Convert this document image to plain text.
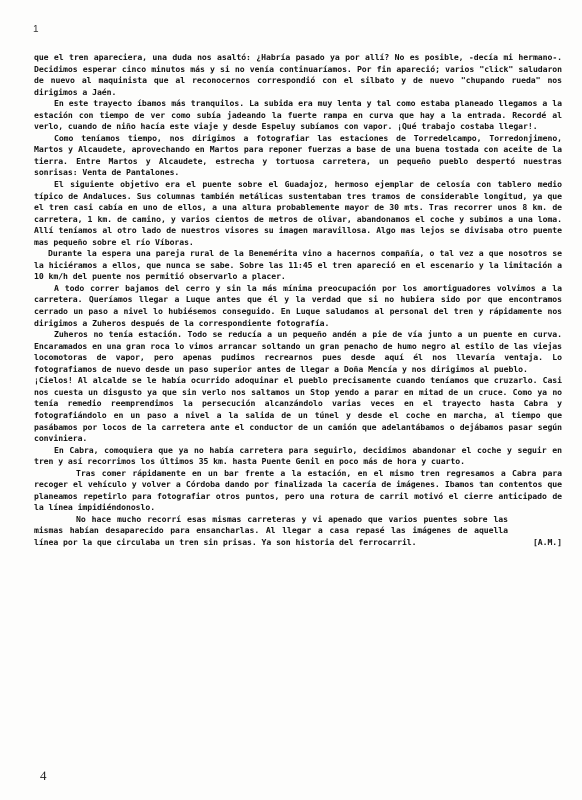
1

que el tren apareciera, una duda nos asaltó: ¿Habría pasado ya por allí? No es posible, -decía mi hermano-. Decidimos esperar cinco minutos más y si no venía continuaríamos. Por fin apareció; varios "click" saludaron de nuevo al maquinista que al reconocernos correspondió con el silbato y de nuevo "chupando rueda" nos dirigimos a Jaén.

En este trayecto íbamos más tranquilos. La subida era muy lenta y tal como estaba planeado llegamos a la estación con tiempo de ver como subía jadeando la fuerte rampa en curva que hay a la entrada. Recordé al verlo, cuando de niño hacía este viaje y desde Espeluy subíamos con vapor. ¡Qué trabajo costaba llegar!.

Como teníamos tiempo, nos dirigimos a fotografiar las estaciones de Torredelcampo, Torredonjimeno, Martos y Alcaudete, aprovechando en Martos para reponer fuerzas a base de una buena tostada con aceite de la tierra. Entre Martos y Alcaudete, estrecha y tortuosa carretera, un pequeño pueblo despertó nuestras sonrisas: Venta de Pantalones.

El siguiente objetivo era el puente sobre el Guadajoz, hermoso ejemplar de celosía con tablero medio típico de Andaluces. Sus columnas también metálicas sustentaban tres tramos de considerable longitud, ya que el tren casi cabía en uno de ellos, a una altura probablemente mayor de 30 mts. Tras recorrer unos 8 km. de carretera, 1 km. de camino, y varios cientos de metros de olivar, abandonamos el coche y subimos a una loma. Allí teníamos al otro lado de nuestros visores su imagen maravillosa. Algo mas lejos se divisaba otro puente mas pequeño sobre el río Víboras.

Durante la espera una pareja rural de la Benemérita vino a hacernos compañía, o tal vez a que nosotros se la hiciéramos a ellos, que nunca se sabe. Sobre las 11:45 el tren apareció en el escenario y la limitación a 10 km/h del puente nos permitió observarlo a placer.

A todo correr bajamos del cerro y sin la más mínima preocupación por los amortiguadores volvimos a la carretera. Queríamos llegar a Luque antes que él y la verdad que si no hubiera sido por que encontramos cerrado un paso a nivel lo hubiésemos conseguido. En Luque saludamos al personal del tren y rápidamente nos dirigimos a Zuheros después de la correspondiente fotografía.

Zuheros no tenía estación. Todo se reducía a un pequeño andén a pie de vía junto a un puente en curva. Encaramados en una gran roca lo vimos arrancar soltando un gran penacho de humo negro al estilo de las viejas locomotoras de vapor, pero apenas pudimos recrearnos pues desde aquí él nos llevaría ventaja. Lo fotografiamos de nuevo desde un paso superior antes de llegar a Doña Mencía y nos dirigimos al pueblo.

¡Cielos! Al alcalde se le había ocurrido adoquinar el pueblo precisamente cuando teníamos que cruzarlo. Casi nos cuesta un disgusto ya que sin verlo nos saltamos un Stop yendo a parar en mitad de un cruce. Como ya no tenía remedio reemprendimos la persecución alcanzándolo varias veces en el trayecto hasta Cabra y fotografiándolo en un paso a nivel a la salida de un túnel y desde el coche en marcha, al tiempo que pasábamos por locos de la carretera ante el conductor de un camión que adelantábamos o dejábamos pasar según conviniera.

En Cabra, comoquiera que ya no había carretera para seguirlo, decidimos abandonar el coche y seguir en tren y así recorrimos los últimos 35 km. hasta Puente Genil en poco más de hora y cuarto.

Tras comer rápidamente en un bar frente a la estación, en el mismo tren regresamos a Cabra para recoger el vehículo y volver a Córdoba dando por finalizada la cacería de imágenes. Ibamos tan contentos que planeamos repetirlo para fotografiar otros puntos, pero una rotura de carril motivó el cierre anticipado de la línea impidiéndonoslo.

No hace mucho recorrí esas mismas carreteras y vi apenado que varios puentes sobre las mismas habían desaparecido para ensancharlas. Al llegar a casa repasé las imágenes de aquella línea por la que circulaba un tren sin prisas. Ya son historia del ferrocarril.	[A.M.]
4
